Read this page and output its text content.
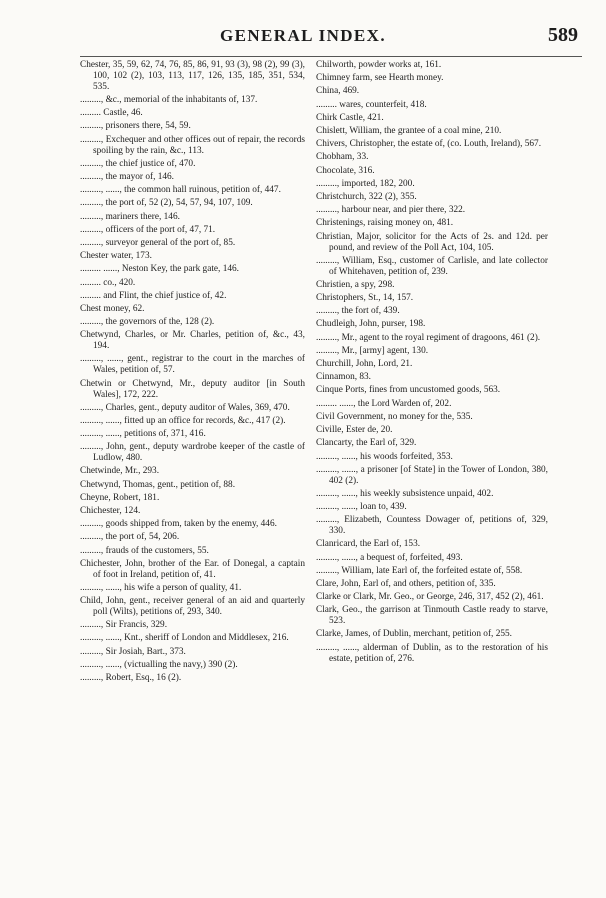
GENERAL INDEX.	589
Chester, 35, 59, 62, 74, 76, 85, 86, 91, 93 (3), 98 (2), 99 (3), 100, 102 (2), 103, 113, 117, 126, 135, 185, 351, 534, 535.
........., &c., memorial of the inhabitants of, 137.
......... Castle, 46.
........., prisoners there, 54, 59.
........., Exchequer and other offices out of repair, the records spoiling by the rain, &c., 113.
........., the chief justice of, 470.
........., the mayor of, 146.
........., ......, the common hall ruinous, petition of, 447.
........., the port of, 52 (2), 54, 57, 94, 107, 109.
........., mariners there, 146.
........., officers of the port of, 47, 71.
........., surveyor general of the port of, 85.
Chester water, 173.
......... ......, Neston Key, the park gate, 146.
......... co., 420.
......... and Flint, the chief justice of, 42.
Chest money, 62.
........., the governors of the, 128 (2).
Chetwynd, Charles, or Mr. Charles, petition of, &c., 43, 194.
........., ......, gent., registrar to the court in the marches of Wales, petition of, 57.
Chetwin or Chetwynd, Mr., deputy auditor [in South Wales], 172, 222.
........., Charles, gent., deputy auditor of Wales, 369, 470.
........., ......, fitted up an office for records, &c., 417 (2).
........., ......, petitions of, 371, 416.
........., John, gent., deputy wardrobe keeper of the castle of Ludlow, 480.
Chetwinde, Mr., 293.
Chetwynd, Thomas, gent., petition of, 88.
Cheyne, Robert, 181.
Chichester, 124.
........., goods shipped from, taken by the enemy, 446.
........., the port of, 54, 206.
........., frauds of the customers, 55.
Chichester, John, brother of the Ear. of Donegal, a captain of foot in Ireland, petition of, 41.
........., ......, his wife a person of quality, 41.
Child, John, gent., receiver general of an aid and quarterly poll (Wilts), petitions of, 293, 340.
........., Sir Francis, 329.
........., ......, Knt., sheriff of London and Middlesex, 216.
........., Sir Josiah, Bart., 373.
........., ......, (victualling the navy,) 390 (2).
........., Robert, Esq., 16 (2).
Chilworth, powder works at, 161.
Chimney farm, see Hearth money.
China, 469.
......... wares, counterfeit, 418.
Chirk Castle, 421.
Chislett, William, the grantee of a coal mine, 210.
Chivers, Christopher, the estate of, (co. Louth, Ireland), 567.
Chobham, 33.
Chocolate, 316.
........., imported, 182, 200.
Christchurch, 322 (2), 355.
........., harbour near, and pier there, 322.
Christenings, raising money on, 481.
Christian, Major, solicitor for the Acts of 2s. and 12d. per pound, and review of the Poll Act, 104, 105.
........., William, Esq., customer of Carlisle, and late collector of Whitehaven, petition of, 239.
Christien, a spy, 298.
Christophers, St., 14, 157.
........., the fort of, 439.
Chudleigh, John, purser, 198.
........., Mr., agent to the royal regiment of dragoons, 461 (2).
........., Mr., [army] agent, 130.
Churchill, John, Lord, 21.
Cinnamon, 83.
Cinque Ports, fines from uncustomed goods, 563.
......... ......, the Lord Warden of, 202.
Civil Government, no money for the, 535.
Civille, Ester de, 20.
Clancarty, the Earl of, 329.
........., ......, his woods forfeited, 353.
........., ......, a prisoner [of State] in the Tower of London, 380, 402 (2).
........., ......, his weekly subsistence unpaid, 402.
........., ......, loan to, 439.
........., Elizabeth, Countess Dowager of, petitions of, 329, 330.
Clanricard, the Earl of, 153.
........., ......, a bequest of, forfeited, 493.
........., William, late Earl of, the forfeited estate of, 558.
Clare, John, Earl of, and others, petition of, 335.
Clarke or Clark, Mr. Geo., or George, 246, 317, 452 (2), 461.
Clark, Geo., the garrison at Tinmouth Castle ready to starve, 523.
Clarke, James, of Dublin, merchant, petition of, 255.
........., ......, alderman of Dublin, as to the restoration of his estate, petition of, 276.
